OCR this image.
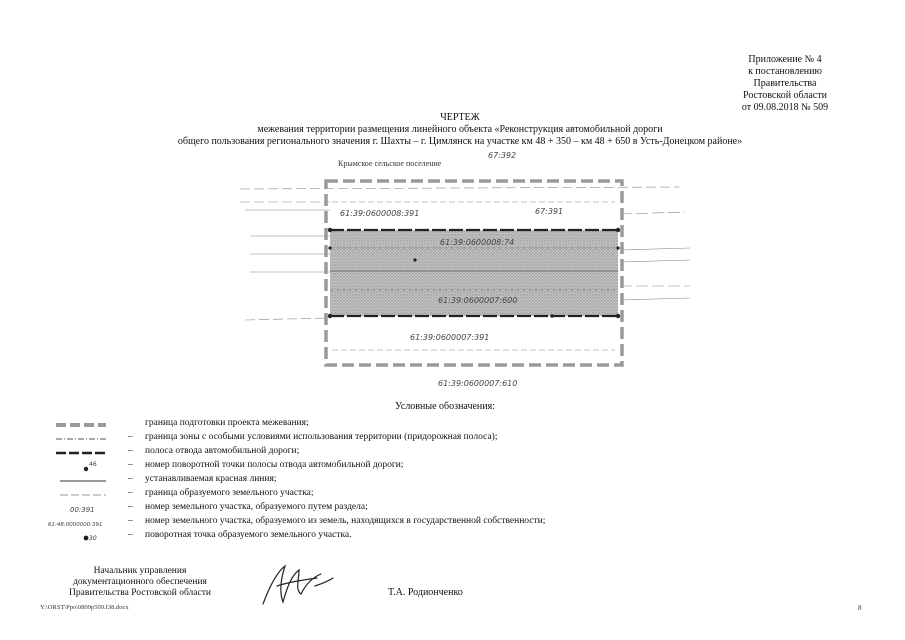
Приложение № 4
к постановлению
Правительства
Ростовской области
от 09.08.2018 № 509
ЧЕРТЕЖ
межевания территории размещения линейного объекта «Реконструкция автомобильной дороги
общего пользования регионального значения г. Шахты – г. Цимлянск на участке км 48 + 350 – км 48 + 650 в Усть-Донецком районе»
Крымское сельское поселение
67:392
61:39:0600008:391	67:391
61:39:0600008:74
61:39:0600007:600
61:39:0600007:391
61:39:0600007:610
Условные обозначения:
граница подготовки проекта межевания;
– граница зоны с особыми условиями использования территории (придорожная полоса);
– полоса отвода автомобильной дороги;
46	– номер поворотной точки полосы отвода автомобильной дороги;
– устанавливаемая красная линия;
– граница образуемого земельного участка;
00:391	– номер земельного участка, образуемого путем раздела;
61:48:0000000:391	– номер земельного участка, образуемого из земель, находящихся в государственной собственности;
30	– поворотная точка образуемого земельного участка.
Начальник управления
документационного обеспечения
Правительства Ростовской области	Т.А. Родионченко
Y:\ORST\Ppo\0809p509.f38.docx	8
